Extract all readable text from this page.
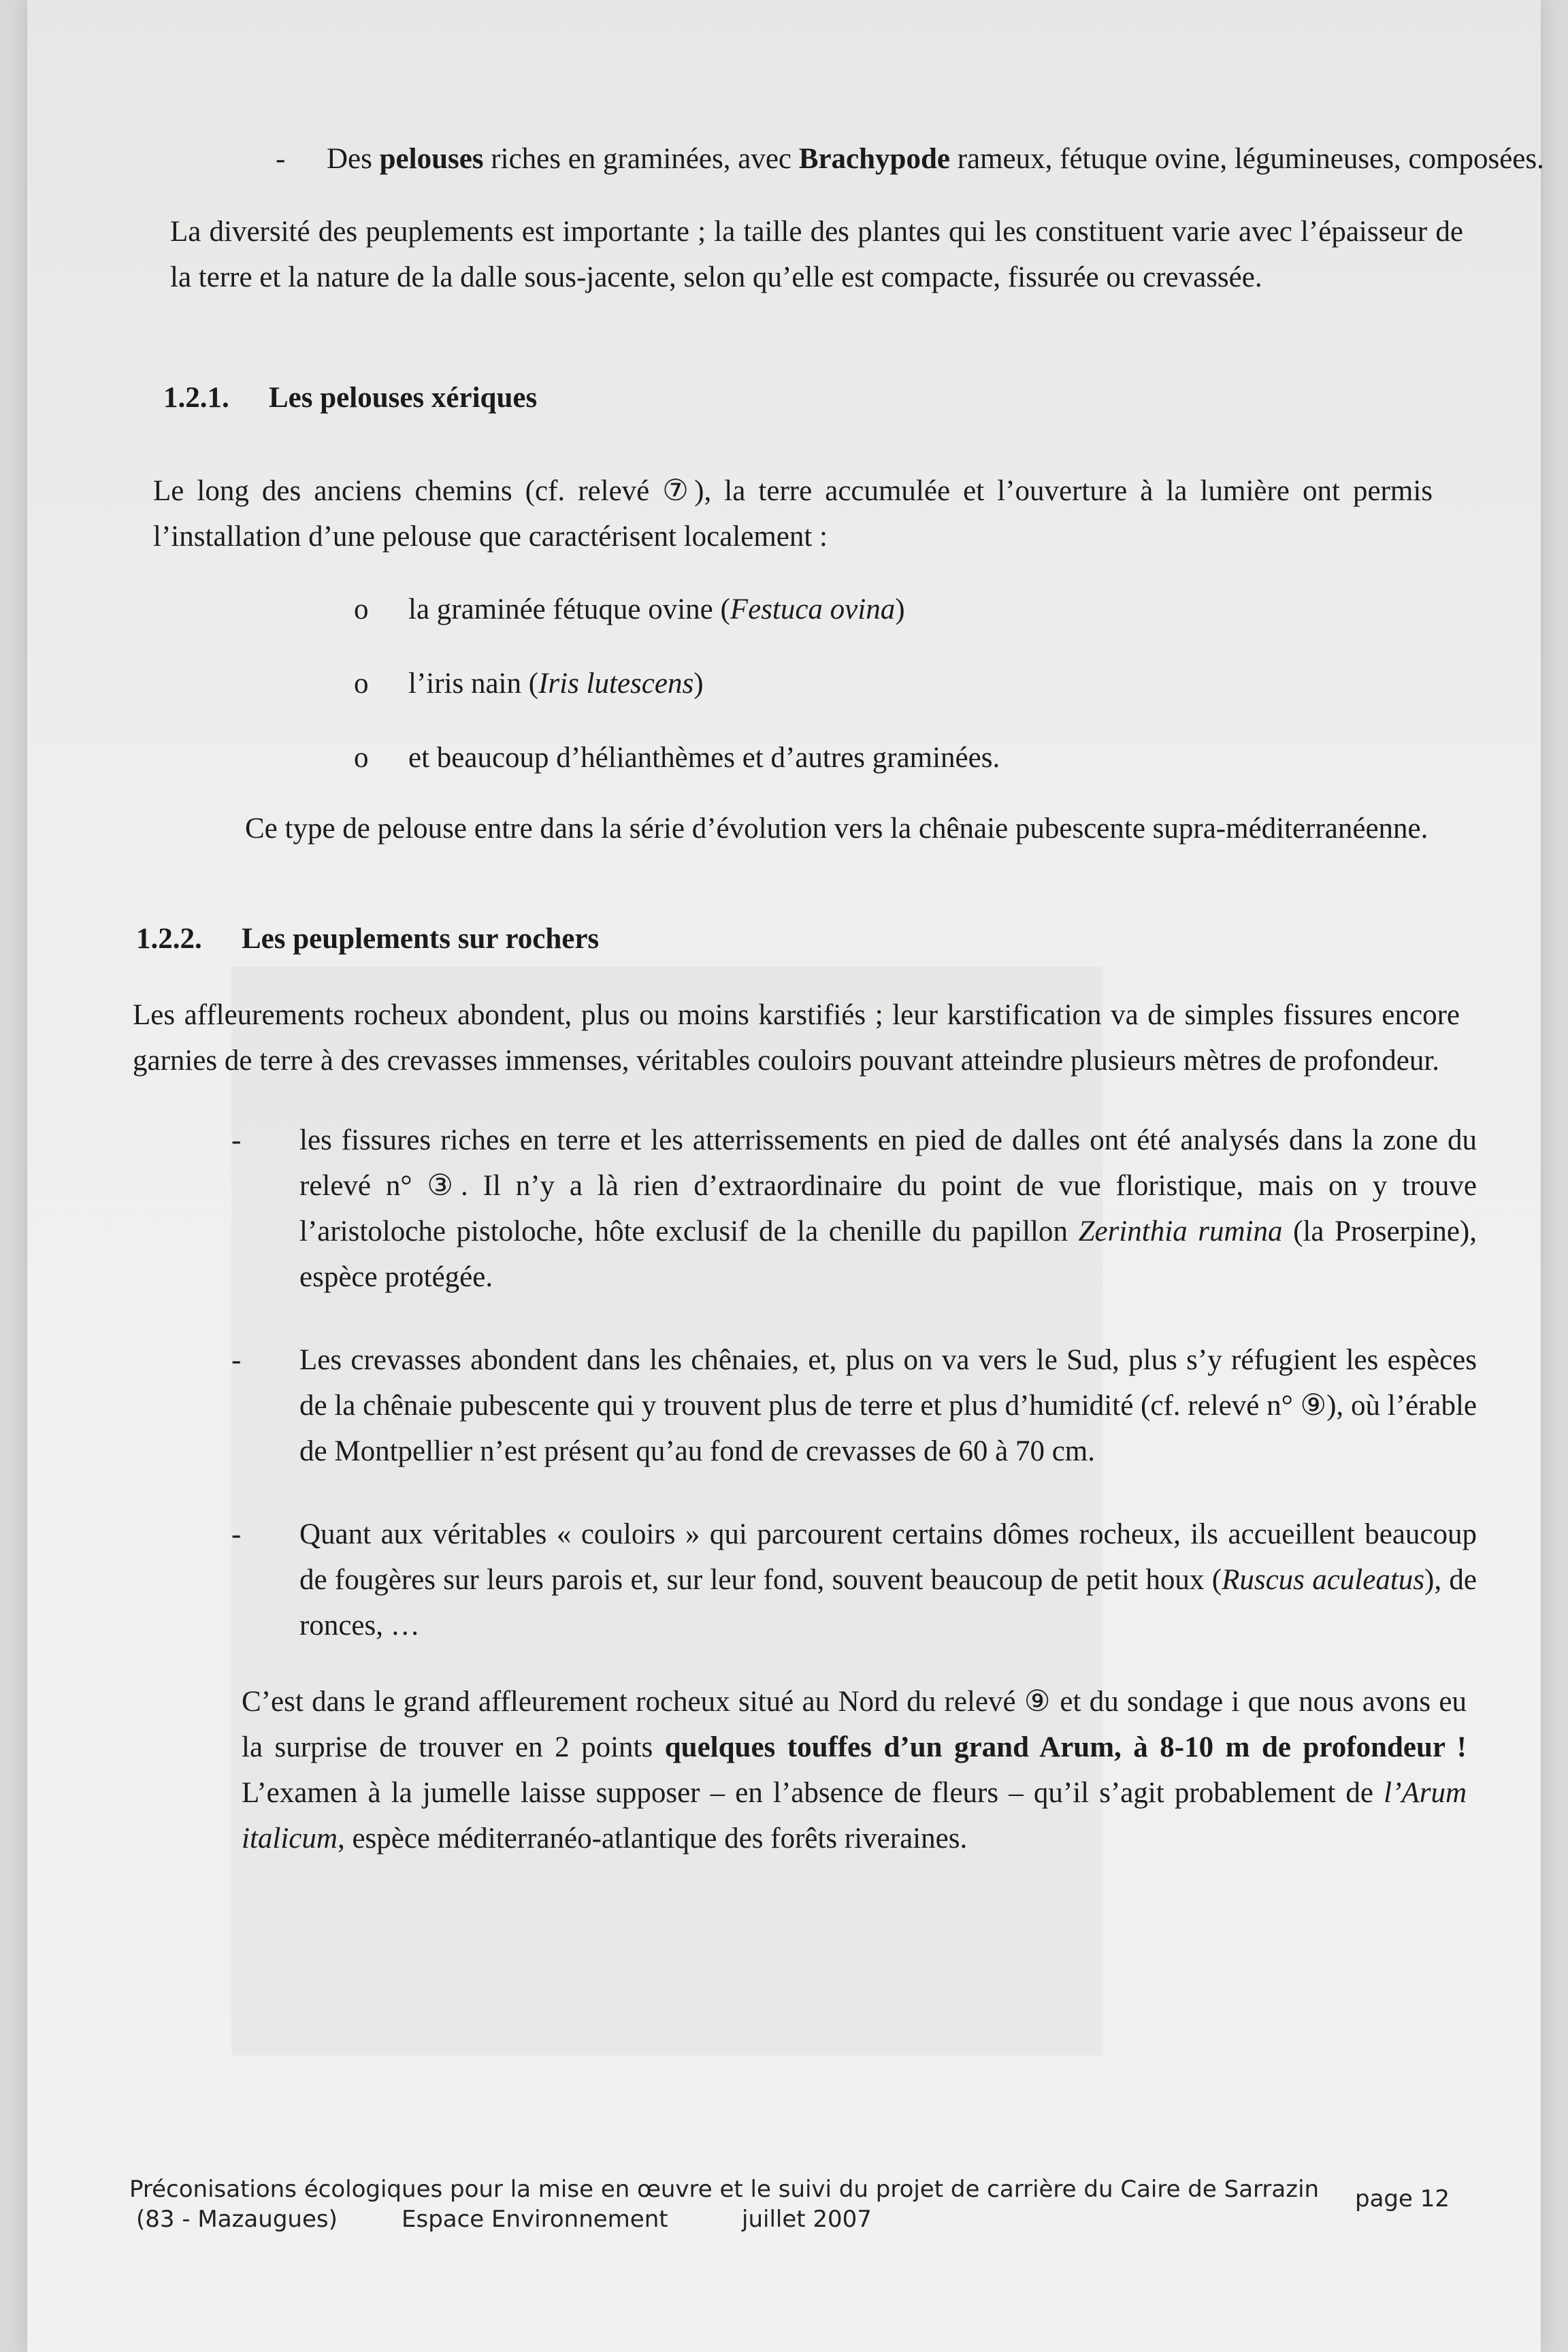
- Des pelouses riches en graminées, avec Brachypode rameux, fétuque ovine, légumineuses, composées.

La diversité des peuplements est importante ; la taille des plantes qui les constituent varie avec l’épaisseur de la terre et la nature de la dalle sous-jacente, selon qu’elle est compacte, fissurée ou crevassée.

1.2.1. Les pelouses xériques

Le long des anciens chemins (cf. relevé ⑦), la terre accumulée et l’ouverture à la lumière ont permis l’installation d’une pelouse que caractérisent localement :

o la graminée fétuque ovine (Festuca ovina)
o l’iris nain (Iris lutescens)
o et beaucoup d’hélianthèmes et d’autres graminées.

Ce type de pelouse entre dans la série d’évolution vers la chênaie pubescente supra-méditerranéenne.

1.2.2. Les peuplements sur rochers

Les affleurements rocheux abondent, plus ou moins karstifiés ; leur karstification va de simples fissures encore garnies de terre à des crevasses immenses, véritables couloirs pouvant atteindre plusieurs mètres de profondeur.

- les fissures riches en terre et les atterrissements en pied de dalles ont été analysés dans la zone du relevé n° ③. Il n’y a là rien d’extraordinaire du point de vue floristique, mais on y trouve l’aristoloche pistoloche, hôte exclusif de la chenille du papillon Zerinthia rumina (la Proserpine), espèce protégée.
- Les crevasses abondent dans les chênaies, et, plus on va vers le Sud, plus s’y réfugient les espèces de la chênaie pubescente qui y trouvent plus de terre et plus d’humidité (cf. relevé n° ⑨), où l’érable de Montpellier n’est présent qu’au fond de crevasses de 60 à 70 cm.
- Quant aux véritables « couloirs » qui parcourent certains dômes rocheux, ils accueillent beaucoup de fougères sur leurs parois et, sur leur fond, souvent beaucoup de petit houx (Ruscus aculeatus), de ronces, …

C’est dans le grand affleurement rocheux situé au Nord du relevé ⑨ et du sondage i que nous avons eu la surprise de trouver en 2 points quelques touffes d’un grand Arum, à 8-10 m de profondeur ! L’examen à la jumelle laisse supposer – en l’absence de fleurs – qu’il s’agit probablement de l’Arum italicum, espèce méditerranéo-atlantique des forêts riveraines.

Préconisations écologiques pour la mise en œuvre et le suivi du projet de carrière du Caire de Sarrazin
(83 - Mazaugues)	Espace Environnement	juillet 2007
page 12
